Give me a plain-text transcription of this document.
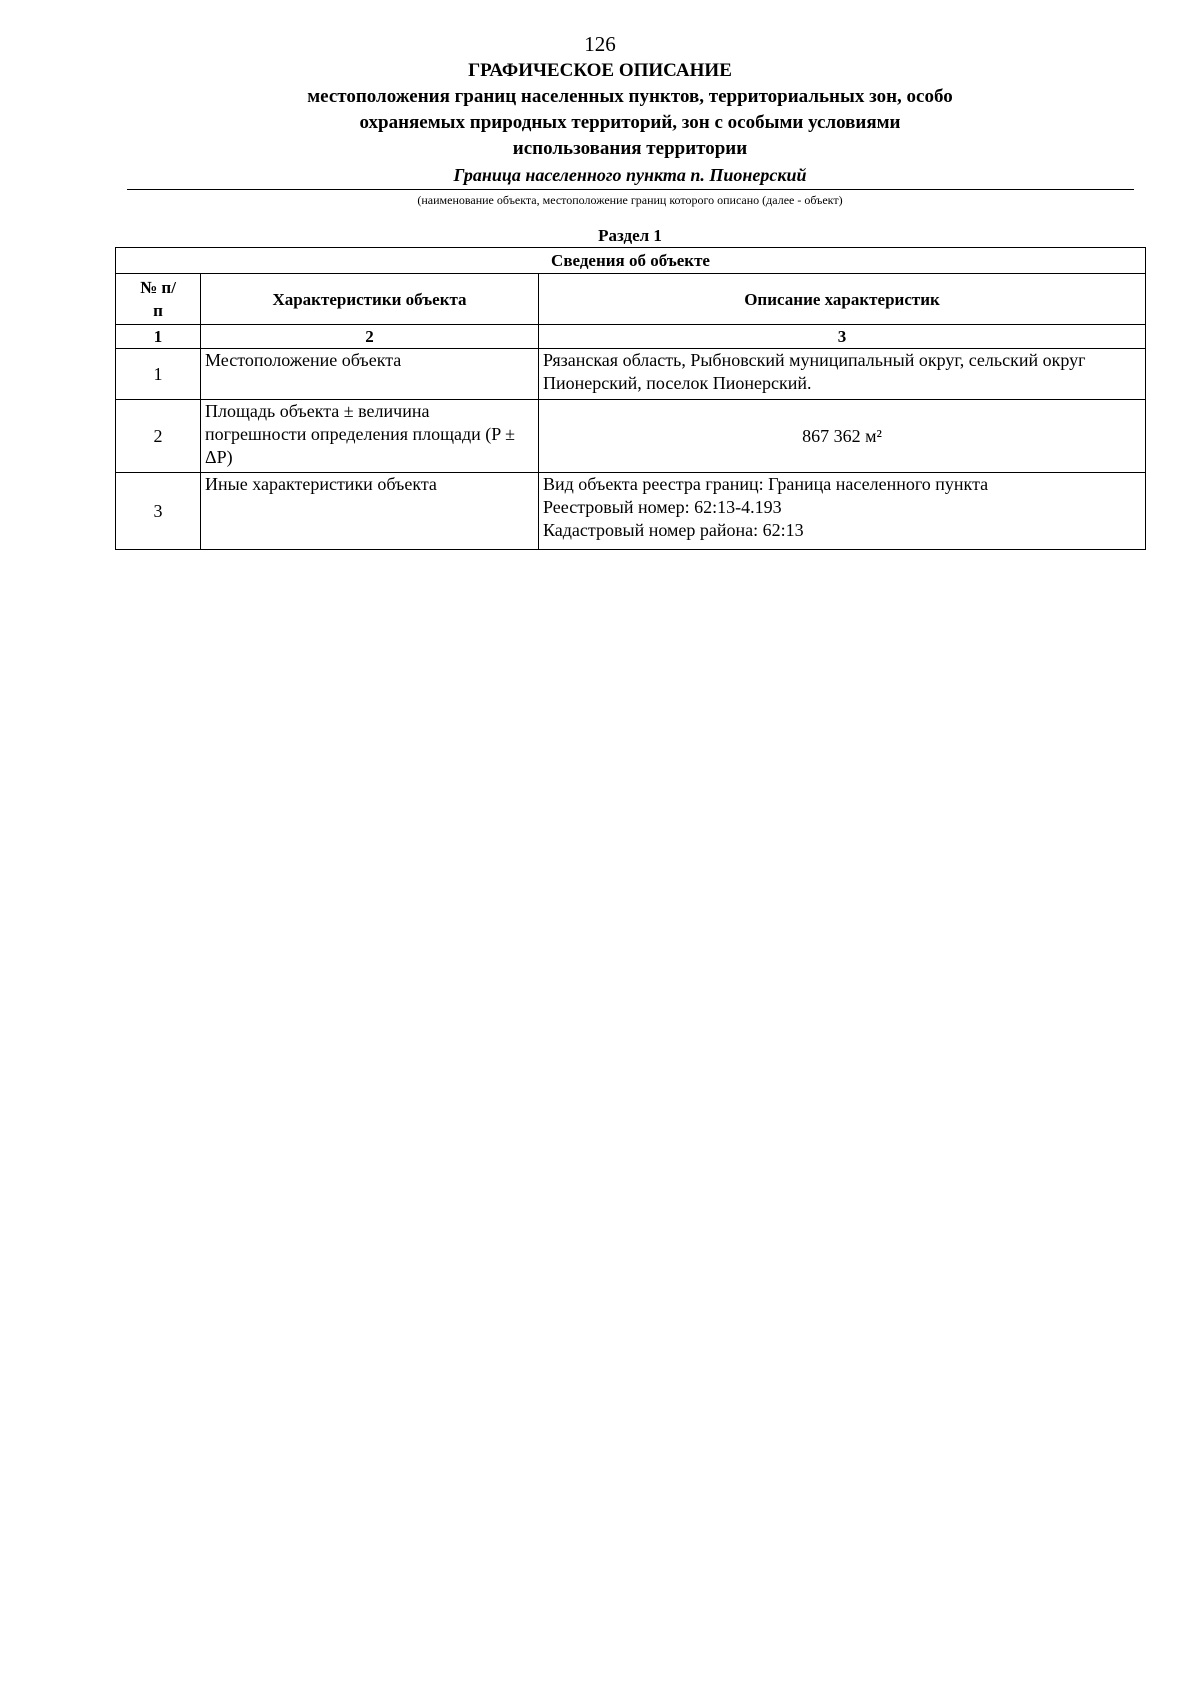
126
ГРАФИЧЕСКОЕ ОПИСАНИЕ
местоположения границ населенных пунктов, территориальных зон, особо охраняемых природных территорий, зон с особыми условиями использования территории
Граница населенного пункта п. Пионерский
(наименование объекта, местоположение границ которого описано (далее - объект)
Раздел 1
Сведения об объекте		
№ п/п	Характеристики объекта	Описание характеристик
1	2	3
1	Местоположение объекта	Рязанская область, Рыбновский муниципальный округ, сельский округ Пионерский, поселок Пионерский.

2	Площадь объекта ± величина погрешности определения площади (P ± ΔP)	867 362 м²

3	Иные характеристики объекта	Вид объекта реестра границ: Граница населенного пункта
Реестровый номер: 62:13-4.193
Кадастровый номер района: 62:13
